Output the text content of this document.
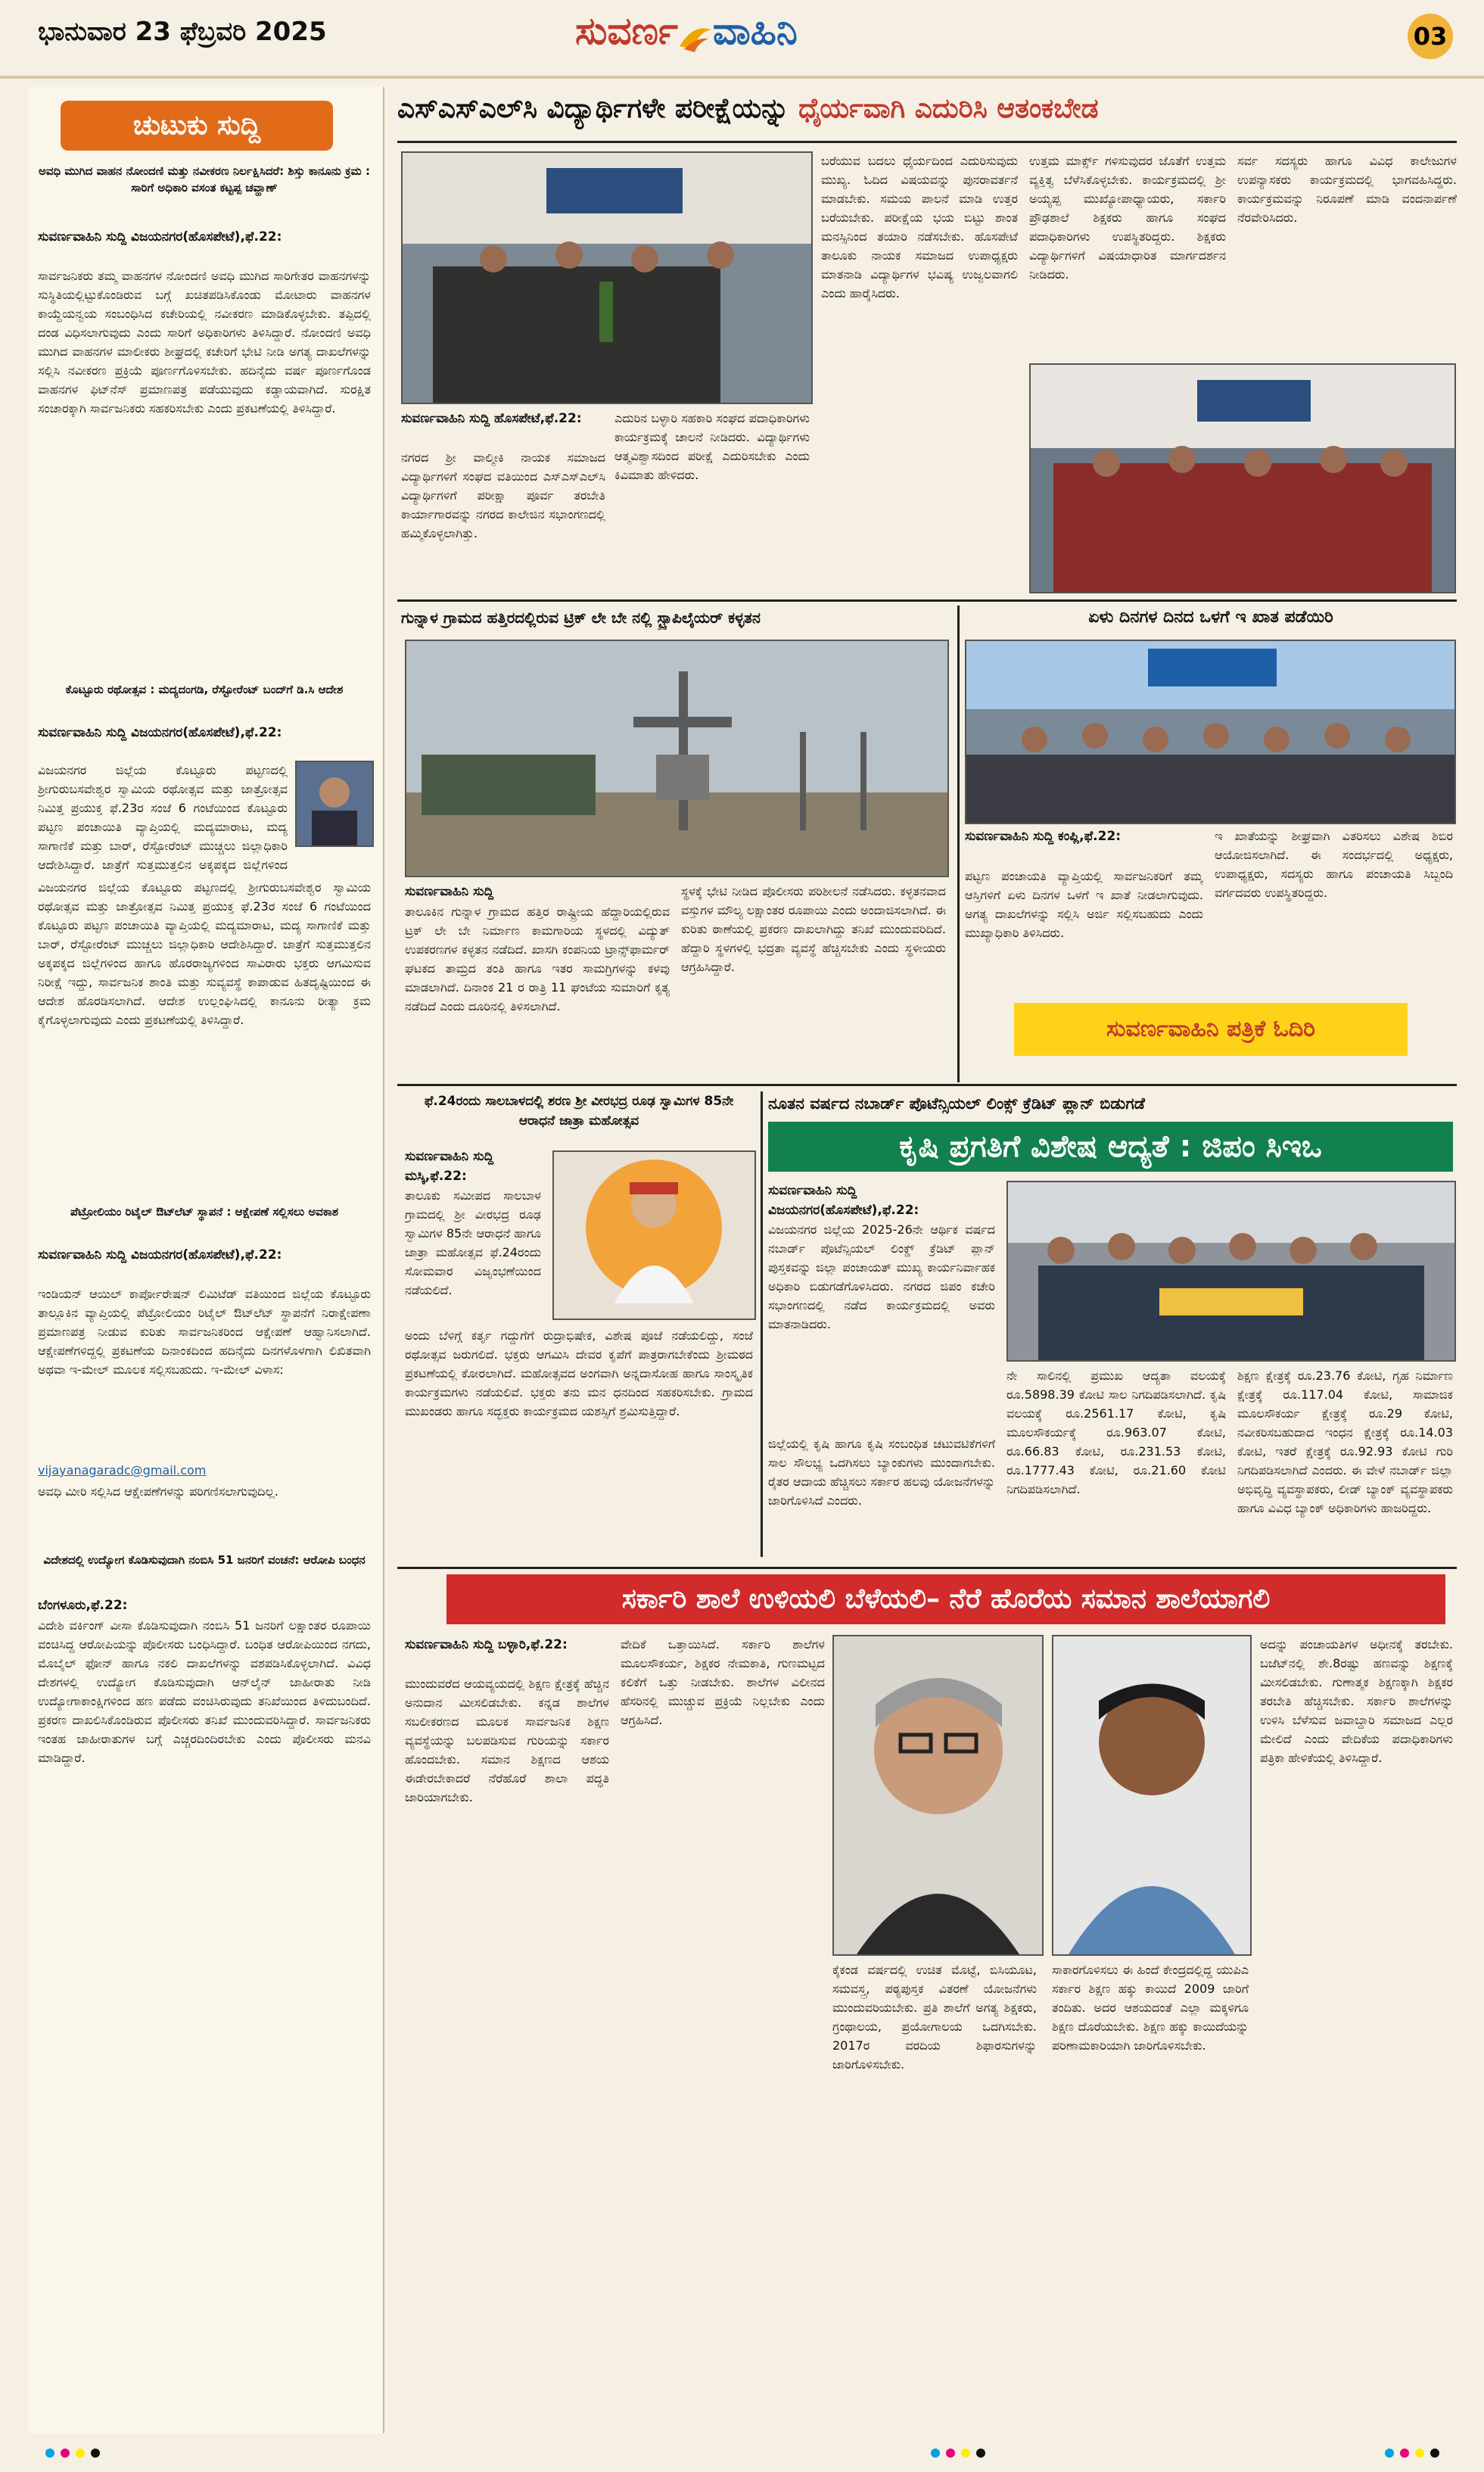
ಭಾನುವಾರ 23 ಫೆಬ್ರವರಿ 2025	ಸುವರ್ಣ ವಾಹಿನಿ	03
ಚುಟುಕು ಸುದ್ದಿ
ಅವಧಿ ಮುಗಿದ ವಾಹನ ನೋಂದಣಿ ಮತ್ತು ನವೀಕರಣ ನಿರ್ಲಕ್ಷಿಸಿದರೆ: ಶಿಸ್ತು ಕಾನೂನು ಕ್ರಮ : ಸಾರಿಗೆ ಅಧಿಕಾರಿ ವಸಂತ ಕಟ್ಟಪ್ಪ ಚವ್ಹಾಣ್
ಸುವರ್ಣವಾಹಿನಿ ಸುದ್ದಿ ವಿಜಯನಗರ(ಹೊಸಪೇಟೆ),ಫೆ.22:
ಸಾರ್ವಜನಿಕರು ತಮ್ಮ ವಾಹನಗಳ ನೋಂದಣಿ ಅವಧಿ ಮುಗಿದ ಸಾರಿಗೇತರ ವಾಹನಗಳನ್ನು ಸುಸ್ಥಿತಿಯಲ್ಲಿಟ್ಟುಕೊಂಡಿರುವ ಬಗ್ಗೆ ಖಚಿತಪಡಿಸಿಕೊಂಡು ಮೋಟಾರು ವಾಹನಗಳ ಕಾಯ್ದೆಯನ್ವಯ ಸಂಬಂಧಿಸಿದ ಕಚೇರಿಯಲ್ಲಿ ನವೀಕರಣ ಮಾಡಿಕೊಳ್ಳಬೇಕು. ತಪ್ಪಿದಲ್ಲಿ ದಂಡ ವಿಧಿಸಲಾಗುವುದು ಎಂದು ಸಾರಿಗೆ ಅಧಿಕಾರಿಗಳು ತಿಳಿಸಿದ್ದಾರೆ. ನೋಂದಣಿ ಅವಧಿ ಮುಗಿದ ವಾಹನಗಳ ಮಾಲೀಕರು ಶೀಘ್ರದಲ್ಲಿ ಕಚೇರಿಗೆ ಭೇಟಿ ನೀಡಿ ಅಗತ್ಯ ದಾಖಲೆಗಳನ್ನು ಸಲ್ಲಿಸಿ ನವೀಕರಣ ಪ್ರಕ್ರಿಯೆ ಪೂರ್ಣಗೊಳಿಸಬೇಕು. ಹದಿನೈದು ವರ್ಷ ಪೂರ್ಣಗೊಂಡ ವಾಹನಗಳ ಫಿಟ್‌ನೆಸ್ ಪ್ರಮಾಣಪತ್ರ ಪಡೆಯುವುದು ಕಡ್ಡಾಯವಾಗಿದೆ. ಸುರಕ್ಷಿತ ಸಂಚಾರಕ್ಕಾಗಿ ಸಾರ್ವಜನಿಕರು ಸಹಕರಿಸಬೇಕು ಎಂದು ಪ್ರಕಟಣೆಯಲ್ಲಿ ತಿಳಿಸಿದ್ದಾರೆ.
ಕೊಟ್ಟೂರು ರಥೋತ್ಸವ : ಮದ್ಯದಂಗಡಿ, ರೆಸ್ಟೋರೆಂಟ್ ಬಂದ್‍ಗೆ ಡಿ.ಸಿ ಆದೇಶ
ಸುವರ್ಣವಾಹಿನಿ ಸುದ್ದಿ ವಿಜಯನಗರ(ಹೊಸಪೇಟೆ),ಫೆ.22:
ವಿಜಯನಗರ ಜಿಲ್ಲೆಯ ಕೊಟ್ಟೂರು ಪಟ್ಟಣದಲ್ಲಿ ಶ್ರೀಗುರುಬಸವೇಶ್ವರ ಸ್ವಾಮಿಯ ರಥೋತ್ಸವ ಮತ್ತು ಜಾತ್ರೋತ್ಸವ ನಿಮಿತ್ತ ಪ್ರಯುಕ್ತ ಫೆ.23ರ ಸಂಜೆ 6 ಗಂಟೆಯಿಂದ ಕೊಟ್ಟೂರು ಪಟ್ಟಣ ಪಂಚಾಯಿತಿ ವ್ಯಾಪ್ತಿಯಲ್ಲಿ ಮದ್ಯಮಾರಾಟ, ಮದ್ಯ ಸಾಗಾಣಿಕೆ ಮತ್ತು ಬಾರ್, ರೆಸ್ಟೋರೆಂಟ್ ಮುಚ್ಚಲು ಜಿಲ್ಲಾಧಿಕಾರಿ ಆದೇಶಿಸಿದ್ದಾರೆ. ಜಾತ್ರೆಗೆ ಸುತ್ತಮುತ್ತಲಿನ ಅಕ್ಕಪಕ್ಕದ ಜಿಲ್ಲೆಗಳಿಂದ
ವಿಜಯನಗರ ಜಿಲ್ಲೆಯ ಕೊಟ್ಟೂರು ಪಟ್ಟಣದಲ್ಲಿ ಶ್ರೀಗುರುಬಸವೇಶ್ವರ ಸ್ವಾಮಿಯ ರಥೋತ್ಸವ ಮತ್ತು ಜಾತ್ರೋತ್ಸವ ನಿಮಿತ್ತ ಪ್ರಯುಕ್ತ ಫೆ.23ರ ಸಂಜೆ 6 ಗಂಟೆಯಿಂದ ಕೊಟ್ಟೂರು ಪಟ್ಟಣ ಪಂಚಾಯಿತಿ ವ್ಯಾಪ್ತಿಯಲ್ಲಿ ಮದ್ಯಮಾರಾಟ, ಮದ್ಯ ಸಾಗಾಣಿಕೆ ಮತ್ತು ಬಾರ್, ರೆಸ್ಟೋರೆಂಟ್ ಮುಚ್ಚಲು ಜಿಲ್ಲಾಧಿಕಾರಿ ಆದೇಶಿಸಿದ್ದಾರೆ. ಜಾತ್ರೆಗೆ ಸುತ್ತಮುತ್ತಲಿನ ಅಕ್ಕಪಕ್ಕದ ಜಿಲ್ಲೆಗಳಿಂದ ಹಾಗೂ ಹೊರರಾಜ್ಯಗಳಿಂದ ಸಾವಿರಾರು ಭಕ್ತರು ಆಗಮಿಸುವ ನಿರೀಕ್ಷೆ ಇದ್ದು, ಸಾರ್ವಜನಿಕ ಶಾಂತಿ ಮತ್ತು ಸುವ್ಯವಸ್ಥೆ ಕಾಪಾಡುವ ಹಿತದೃಷ್ಟಿಯಿಂದ ಈ ಆದೇಶ ಹೊರಡಿಸಲಾಗಿದೆ. ಆದೇಶ ಉಲ್ಲಂಘಿಸಿದಲ್ಲಿ ಕಾನೂನು ರೀತ್ಯಾ ಕ್ರಮ ಕೈಗೊಳ್ಳಲಾಗುವುದು ಎಂದು ಪ್ರಕಟಣೆಯಲ್ಲಿ ತಿಳಿಸಿದ್ದಾರೆ.
ಪೆಟ್ರೋಲಿಯಂ ರಿಟೈಲ್ ಔಟ್‍ಲೆಟ್ ಸ್ಥಾಪನೆ : ಆಕ್ಷೇಪಣೆ ಸಲ್ಲಿಸಲು ಅವಕಾಶ
ಸುವರ್ಣವಾಹಿನಿ ಸುದ್ದಿ ವಿಜಯನಗರ(ಹೊಸಪೇಟೆ),ಫೆ.22:
ಇಂಡಿಯನ್ ಆಯಿಲ್ ಕಾರ್ಪೋರೇಷನ್ ಲಿಮಿಟೆಡ್ ವತಿಯಿಂದ ಜಿಲ್ಲೆಯ ಕೊಟ್ಟೂರು ತಾಲ್ಲೂಕಿನ ವ್ಯಾಪ್ತಿಯಲ್ಲಿ ಪೆಟ್ರೋಲಿಯಂ ರಿಟೈಲ್ ಔಟ್‍ಲೆಟ್ ಸ್ಥಾಪನೆಗೆ ನಿರಾಕ್ಷೇಪಣಾ ಪ್ರಮಾಣಪತ್ರ ನೀಡುವ ಕುರಿತು ಸಾರ್ವಜನಿಕರಿಂದ ಆಕ್ಷೇಪಣೆ ಆಹ್ವಾನಿಸಲಾಗಿದೆ. ಆಕ್ಷೇಪಣೆಗಳಿದ್ದಲ್ಲಿ ಪ್ರಕಟಣೆಯ ದಿನಾಂಕದಿಂದ ಹದಿನೈದು ದಿನಗಳೊಳಗಾಗಿ ಲಿಖಿತವಾಗಿ ಅಥವಾ ಇ-ಮೇಲ್ ಮೂಲಕ ಸಲ್ಲಿಸಬಹುದು. ಇ-ಮೇಲ್ ವಿಳಾಸ:
vijayanagaradc@gmail.com
ಅವಧಿ ಮೀರಿ ಸಲ್ಲಿಸಿದ ಆಕ್ಷೇಪಣೆಗಳನ್ನು ಪರಿಗಣಿಸಲಾಗುವುದಿಲ್ಲ.
ವಿದೇಶದಲ್ಲಿ ಉದ್ಯೋಗ ಕೊಡಿಸುವುದಾಗಿ ನಂಬಿಸಿ 51 ಜನರಿಗೆ ವಂಚನೆ: ಆರೋಪಿ ಬಂಧನ
ಬೆಂಗಳೂರು,ಫೆ.22:
ವಿದೇಶಿ ವರ್ಕಿಂಗ್ ವೀಸಾ ಕೊಡಿಸುವುದಾಗಿ ನಂಬಿಸಿ 51 ಜನರಿಗೆ ಲಕ್ಷಾಂತರ ರೂಪಾಯಿ ವಂಚಿಸಿದ್ದ ಆರೋಪಿಯನ್ನು ಪೊಲೀಸರು ಬಂಧಿಸಿದ್ದಾರೆ. ಬಂಧಿತ ಆರೋಪಿಯಿಂದ ನಗದು, ಮೊಬೈಲ್ ಫೋನ್ ಹಾಗೂ ನಕಲಿ ದಾಖಲೆಗಳನ್ನು ವಶಪಡಿಸಿಕೊಳ್ಳಲಾಗಿದೆ. ವಿವಿಧ ದೇಶಗಳಲ್ಲಿ ಉದ್ಯೋಗ ಕೊಡಿಸುವುದಾಗಿ ಆನ್‌ಲೈನ್ ಜಾಹೀರಾತು ನೀಡಿ ಉದ್ಯೋಗಾಕಾಂಕ್ಷಿಗಳಿಂದ ಹಣ ಪಡೆದು ವಂಚಿಸಿರುವುದು ತನಿಖೆಯಿಂದ ತಿಳಿದುಬಂದಿದೆ. ಪ್ರಕರಣ ದಾಖಲಿಸಿಕೊಂಡಿರುವ ಪೊಲೀಸರು ತನಿಖೆ ಮುಂದುವರಿಸಿದ್ದಾರೆ. ಸಾರ್ವಜನಿಕರು ಇಂತಹ ಜಾಹೀರಾತುಗಳ ಬಗ್ಗೆ ಎಚ್ಚರದಿಂದಿರಬೇಕು ಎಂದು ಪೊಲೀಸರು ಮನವಿ ಮಾಡಿದ್ದಾರೆ.
ಎಸ್‌ಎಸ್‌ಎಲ್‌ಸಿ ವಿದ್ಯಾರ್ಥಿಗಳೇ ಪರೀಕ್ಷೆಯನ್ನು ಧೈರ್ಯವಾಗಿ ಎದುರಿಸಿ ಆತಂಕಬೇಡ
ಸುವರ್ಣವಾಹಿನಿ ಸುದ್ದಿ ಹೊಸಪೇಟೆ,ಫೆ.22:
ನಗರದ ಶ್ರೀ ವಾಲ್ಮೀಕಿ ನಾಯಕ ಸಮಾಜದ ವಿದ್ಯಾರ್ಥಿಗಳಿಗೆ ಸಂಘದ ವತಿಯಿಂದ ಎಸ್‌ಎಸ್‌ಎಲ್‌ಸಿ ವಿದ್ಯಾರ್ಥಿಗಳಿಗೆ ಪರೀಕ್ಷಾ ಪೂರ್ವ ತರಬೇತಿ ಕಾರ್ಯಾಗಾರವನ್ನು ನಗರದ ಕಾಲೇಜಿನ ಸಭಾಂಗಣದಲ್ಲಿ ಹಮ್ಮಿಕೊಳ್ಳಲಾಗಿತ್ತು.
ಎದುರಿನ ಬಳ್ಳಾರಿ ಸಹಕಾರಿ ಸಂಘದ ಪದಾಧಿಕಾರಿಗಳು ಕಾರ್ಯಕ್ರಮಕ್ಕೆ ಚಾಲನೆ ನೀಡಿದರು. ವಿದ್ಯಾರ್ಥಿಗಳು ಆತ್ಮವಿಶ್ವಾಸದಿಂದ ಪರೀಕ್ಷೆ ಎದುರಿಸಬೇಕು ಎಂದು ಕಿವಿಮಾತು ಹೇಳಿದರು.
ಬರೆಯುವ ಬದಲು ಧೈರ್ಯದಿಂದ ಎದುರಿಸುವುದು ಮುಖ್ಯ. ಓದಿದ ವಿಷಯವನ್ನು ಪುನರಾವರ್ತನೆ ಮಾಡಬೇಕು. ಸಮಯ ಪಾಲನೆ ಮಾಡಿ ಉತ್ತರ ಬರೆಯಬೇಕು. ಪರೀಕ್ಷೆಯ ಭಯ ಬಿಟ್ಟು ಶಾಂತ ಮನಸ್ಸಿನಿಂದ ತಯಾರಿ ನಡೆಸಬೇಕು. ಹೊಸಪೇಟೆ ತಾಲೂಕು ನಾಯಕ ಸಮಾಜದ ಉಪಾಧ್ಯಕ್ಷರು ಮಾತನಾಡಿ ವಿದ್ಯಾರ್ಥಿಗಳ ಭವಿಷ್ಯ ಉಜ್ವಲವಾಗಲಿ ಎಂದು ಹಾರೈಸಿದರು.
ಉತ್ತಮ ಮಾರ್ಕ್ಸ್ ಗಳಿಸುವುದರ ಜೊತೆಗೆ ಉತ್ತಮ ವ್ಯಕ್ತಿತ್ವ ಬೆಳೆಸಿಕೊಳ್ಳಬೇಕು. ಕಾರ್ಯಕ್ರಮದಲ್ಲಿ ಶ್ರೀ ಅಯ್ಯಪ್ಪ ಮುಖ್ಯೋಪಾಧ್ಯಾಯರು, ಸರ್ಕಾರಿ ಪ್ರೌಢಶಾಲೆ ಶಿಕ್ಷಕರು ಹಾಗೂ ಸಂಘದ ಪದಾಧಿಕಾರಿಗಳು ಉಪಸ್ಥಿತರಿದ್ದರು. ಶಿಕ್ಷಕರು ವಿದ್ಯಾರ್ಥಿಗಳಿಗೆ ವಿಷಯಾಧಾರಿತ ಮಾರ್ಗದರ್ಶನ ನೀಡಿದರು.
ಸರ್ವ ಸದಸ್ಯರು ಹಾಗೂ ವಿವಿಧ ಕಾಲೇಜುಗಳ ಉಪನ್ಯಾಸಕರು ಕಾರ್ಯಕ್ರಮದಲ್ಲಿ ಭಾಗವಹಿಸಿದ್ದರು. ಕಾರ್ಯಕ್ರಮವನ್ನು ನಿರೂಪಣೆ ಮಾಡಿ ವಂದನಾರ್ಪಣೆ ನೆರವೇರಿಸಿದರು.
ಗುನ್ನಾಳ ಗ್ರಾಮದ ಹತ್ತಿರದಲ್ಲಿರುವ ಟ್ರಿಕ್ ಲೇ ಬೇ ನಲ್ಲಿ ಸ್ಟ್ರಾಪಿಲೈಯರ್ ಕಳ್ಳತನ
ಸುವರ್ಣವಾಹಿನಿ ಸುದ್ದಿ
ತಾಲೂಕಿನ ಗುನ್ನಾಳ ಗ್ರಾಮದ ಹತ್ತಿರ ರಾಷ್ಟ್ರೀಯ ಹೆದ್ದಾರಿಯಲ್ಲಿರುವ ಟ್ರಕ್ ಲೇ ಬೇ ನಿರ್ಮಾಣ ಕಾಮಗಾರಿಯ ಸ್ಥಳದಲ್ಲಿ ವಿದ್ಯುತ್ ಉಪಕರಣಗಳ ಕಳ್ಳತನ ನಡೆದಿದೆ. ಖಾಸಗಿ ಕಂಪನಿಯ ಟ್ರಾನ್ಸ್‌ಫಾರ್ಮರ್ ಘಟಕದ ತಾಮ್ರದ ತಂತಿ ಹಾಗೂ ಇತರ ಸಾಮಗ್ರಿಗಳನ್ನು ಕಳವು ಮಾಡಲಾಗಿದೆ. ದಿನಾಂಕ 21 ರ ರಾತ್ರಿ 11 ಘಂಟೆಯ ಸುಮಾರಿಗೆ ಕೃತ್ಯ ನಡೆದಿದೆ ಎಂದು ದೂರಿನಲ್ಲಿ ತಿಳಿಸಲಾಗಿದೆ.
ಸ್ಥಳಕ್ಕೆ ಭೇಟಿ ನೀಡಿದ ಪೊಲೀಸರು ಪರಿಶೀಲನೆ ನಡೆಸಿದರು. ಕಳ್ಳತನವಾದ ವಸ್ತುಗಳ ಮೌಲ್ಯ ಲಕ್ಷಾಂತರ ರೂಪಾಯಿ ಎಂದು ಅಂದಾಜಿಸಲಾಗಿದೆ. ಈ ಕುರಿತು ಠಾಣೆಯಲ್ಲಿ ಪ್ರಕರಣ ದಾಖಲಾಗಿದ್ದು ತನಿಖೆ ಮುಂದುವರಿದಿದೆ. ಹೆದ್ದಾರಿ ಸ್ಥಳಗಳಲ್ಲಿ ಭದ್ರತಾ ವ್ಯವಸ್ಥೆ ಹೆಚ್ಚಿಸಬೇಕು ಎಂದು ಸ್ಥಳೀಯರು ಆಗ್ರಹಿಸಿದ್ದಾರೆ.
ಏಳು ದಿನಗಳ ದಿನದ ಒಳಗೆ ಇ ಖಾತ ಪಡೆಯಿರಿ
ಸುವರ್ಣವಾಹಿನಿ ಸುದ್ದಿ ಕಂಪ್ಲಿ,ಫೆ.22:
ಪಟ್ಟಣ ಪಂಚಾಯತಿ ವ್ಯಾಪ್ತಿಯಲ್ಲಿ ಸಾರ್ವಜನಿಕರಿಗೆ ತಮ್ಮ ಆಸ್ತಿಗಳಿಗೆ ಏಳು ದಿನಗಳ ಒಳಗೆ ಇ ಖಾತೆ ನೀಡಲಾಗುವುದು. ಅಗತ್ಯ ದಾಖಲೆಗಳನ್ನು ಸಲ್ಲಿಸಿ ಅರ್ಜಿ ಸಲ್ಲಿಸಬಹುದು ಎಂದು ಮುಖ್ಯಾಧಿಕಾರಿ ತಿಳಿಸಿದರು.
ಇ ಖಾತೆಯನ್ನು ಶೀಘ್ರವಾಗಿ ವಿತರಿಸಲು ವಿಶೇಷ ಶಿಬಿರ ಆಯೋಜಿಸಲಾಗಿದೆ. ಈ ಸಂದರ್ಭದಲ್ಲಿ ಅಧ್ಯಕ್ಷರು, ಉಪಾಧ್ಯಕ್ಷರು, ಸದಸ್ಯರು ಹಾಗೂ ಪಂಚಾಯತಿ ಸಿಬ್ಬಂದಿ ವರ್ಗದವರು ಉಪಸ್ಥಿತರಿದ್ದರು.
ಸುವರ್ಣವಾಹಿನಿ ಪತ್ರಿಕೆ ಓದಿರಿ
ಫೆ.24ರಂದು ಸಾಲಬಾಳದಲ್ಲಿ ಶರಣ ಶ್ರೀ ವೀರಭದ್ರ ರೂಢ ಸ್ವಾಮಿಗಳ 85ನೇ ಆರಾಧನೆ ಜಾತ್ರಾ ಮಹೋತ್ಸವ
ಸುವರ್ಣವಾಹಿನಿ ಸುದ್ದಿ ಮಸ್ಕಿ,ಫೆ.22:
ತಾಲೂಕು ಸಮೀಪದ ಸಾಲಬಾಳ ಗ್ರಾಮದಲ್ಲಿ ಶ್ರೀ ವೀರಭದ್ರ ರೂಢ ಸ್ವಾಮಿಗಳ 85ನೇ ಆರಾಧನೆ ಹಾಗೂ ಜಾತ್ರಾ ಮಹೋತ್ಸವ ಫೆ.24ರಂದು ಸೋಮವಾರ ವಿಜೃಂಭಣೆಯಿಂದ ನಡೆಯಲಿದೆ.
ಅಂದು ಬೆಳಿಗ್ಗೆ ಕರ್ತೃ ಗದ್ದುಗೆಗೆ ರುದ್ರಾಭಿಷೇಕ, ವಿಶೇಷ ಪೂಜೆ ನಡೆಯಲಿದ್ದು, ಸಂಜೆ ರಥೋತ್ಸವ ಜರುಗಲಿದೆ. ಭಕ್ತರು ಆಗಮಿಸಿ ದೇವರ ಕೃಪೆಗೆ ಪಾತ್ರರಾಗಬೇಕೆಂದು ಶ್ರೀಮಠದ ಪ್ರಕಟಣೆಯಲ್ಲಿ ಕೋರಲಾಗಿದೆ. ಮಹೋತ್ಸವದ ಅಂಗವಾಗಿ ಅನ್ನದಾಸೋಹ ಹಾಗೂ ಸಾಂಸ್ಕೃತಿಕ ಕಾರ್ಯಕ್ರಮಗಳು ನಡೆಯಲಿವೆ. ಭಕ್ತರು ತನು ಮನ ಧನದಿಂದ ಸಹಕರಿಸಬೇಕು. ಗ್ರಾಮದ ಮುಖಂಡರು ಹಾಗೂ ಸದ್ಭಕ್ತರು ಕಾರ್ಯಕ್ರಮದ ಯಶಸ್ಸಿಗೆ ಶ್ರಮಿಸುತ್ತಿದ್ದಾರೆ.
ನೂತನ ವರ್ಷದ ನಬಾರ್ಡ್ ಪೊಟೆನ್ಸಿಯಲ್ ಲಿಂಕ್ಸ್ ಕ್ರೆಡಿಟ್ ಪ್ಲಾನ್ ಬಿಡುಗಡೆ
ಕೃಷಿ ಪ್ರಗತಿಗೆ ವಿಶೇಷ ಆದ್ಯತೆ : ಜಿಪಂ ಸಿಇಒ
ಸುವರ್ಣವಾಹಿನಿ ಸುದ್ದಿ ವಿಜಯನಗರ(ಹೊಸಪೇಟೆ),ಫೆ.22:
ವಿಜಯನಗರ ಜಿಲ್ಲೆಯ 2025-26ನೇ ಆರ್ಥಿಕ ವರ್ಷದ ನಬಾರ್ಡ್ ಪೊಟೆನ್ಸಿಯಲ್ ಲಿಂಕ್ಡ್ ಕ್ರೆಡಿಟ್ ಪ್ಲಾನ್ ಪುಸ್ತಕವನ್ನು ಜಿಲ್ಲಾ ಪಂಚಾಯತ್ ಮುಖ್ಯ ಕಾರ್ಯನಿರ್ವಾಹಕ ಅಧಿಕಾರಿ ಬಿಡುಗಡೆಗೊಳಿಸಿದರು. ನಗರದ ಜಿಪಂ ಕಚೇರಿ ಸಭಾಂಗಣದಲ್ಲಿ ನಡೆದ ಕಾರ್ಯಕ್ರಮದಲ್ಲಿ ಅವರು ಮಾತನಾಡಿದರು.
ಜಿಲ್ಲೆಯಲ್ಲಿ ಕೃಷಿ ಹಾಗೂ ಕೃಷಿ ಸಂಬಂಧಿತ ಚಟುವಟಿಕೆಗಳಿಗೆ ಸಾಲ ಸೌಲಭ್ಯ ಒದಗಿಸಲು ಬ್ಯಾಂಕುಗಳು ಮುಂದಾಗಬೇಕು. ರೈತರ ಆದಾಯ ಹೆಚ್ಚಿಸಲು ಸರ್ಕಾರ ಹಲವು ಯೋಜನೆಗಳನ್ನು ಜಾರಿಗೊಳಿಸಿದೆ ಎಂದರು.
ನೇ ಸಾಲಿನಲ್ಲಿ ಪ್ರಮುಖ ಆದ್ಯತಾ ವಲಯಕ್ಕೆ ರೂ.5898.39 ಕೋಟಿ ಸಾಲ ನಿಗದಿಪಡಿಸಲಾಗಿದೆ. ಕೃಷಿ ವಲಯಕ್ಕೆ ರೂ.2561.17 ಕೋಟಿ, ಕೃಷಿ ಮೂಲಸೌಕರ್ಯಕ್ಕೆ ರೂ.963.07 ಕೋಟಿ, ರೂ.66.83 ಕೋಟಿ, ರೂ.231.53 ಕೋಟಿ, ರೂ.1777.43 ಕೋಟಿ, ರೂ.21.60 ಕೋಟಿ ನಿಗದಿಪಡಿಸಲಾಗಿದೆ.
ಶಿಕ್ಷಣ ಕ್ಷೇತ್ರಕ್ಕೆ ರೂ.23.76 ಕೋಟಿ, ಗೃಹ ನಿರ್ಮಾಣ ಕ್ಷೇತ್ರಕ್ಕೆ ರೂ.117.04 ಕೋಟಿ, ಸಾಮಾಜಿಕ ಮೂಲಸೌಕರ್ಯ ಕ್ಷೇತ್ರಕ್ಕೆ ರೂ.29 ಕೋಟಿ, ನವೀಕರಿಸಬಹುದಾದ ಇಂಧನ ಕ್ಷೇತ್ರಕ್ಕೆ ರೂ.14.03 ಕೋಟಿ, ಇತರೆ ಕ್ಷೇತ್ರಕ್ಕೆ ರೂ.92.93 ಕೋಟಿ ಗುರಿ ನಿಗದಿಪಡಿಸಲಾಗಿದೆ ಎಂದರು. ಈ ವೇಳೆ ನಬಾರ್ಡ್ ಜಿಲ್ಲಾ ಅಭಿವೃದ್ಧಿ ವ್ಯವಸ್ಥಾಪಕರು, ಲೀಡ್ ಬ್ಯಾಂಕ್ ವ್ಯವಸ್ಥಾಪಕರು ಹಾಗೂ ವಿವಿಧ ಬ್ಯಾಂಕ್ ಅಧಿಕಾರಿಗಳು ಹಾಜರಿದ್ದರು.
ಸರ್ಕಾರಿ ಶಾಲೆ ಉಳಿಯಲಿ ಬೆಳೆಯಲಿ– ನೆರೆ ಹೊರೆಯ ಸಮಾನ ಶಾಲೆಯಾಗಲಿ
ಸುವರ್ಣವಾಹಿನಿ ಸುದ್ದಿ ಬಳ್ಳಾರಿ,ಫೆ.22:
ಮುಂದುವರೆದ ಆಯವ್ಯಯದಲ್ಲಿ ಶಿಕ್ಷಣ ಕ್ಷೇತ್ರಕ್ಕೆ ಹೆಚ್ಚಿನ ಅನುದಾನ ಮೀಸಲಿಡಬೇಕು. ಕನ್ನಡ ಶಾಲೆಗಳ ಸಬಲೀಕರಣದ ಮೂಲಕ ಸಾರ್ವಜನಿಕ ಶಿಕ್ಷಣ ವ್ಯವಸ್ಥೆಯನ್ನು ಬಲಪಡಿಸುವ ಗುರಿಯನ್ನು ಸರ್ಕಾರ ಹೊಂದಬೇಕು. ಸಮಾನ ಶಿಕ್ಷಣದ ಆಶಯ ಈಡೇರಬೇಕಾದರೆ ನೆರೆಹೊರೆ ಶಾಲಾ ಪದ್ಧತಿ ಜಾರಿಯಾಗಬೇಕು.
ವೇದಿಕೆ ಒತ್ತಾಯಿಸಿದೆ. ಸರ್ಕಾರಿ ಶಾಲೆಗಳ ಮೂಲಸೌಕರ್ಯ, ಶಿಕ್ಷಕರ ನೇಮಕಾತಿ, ಗುಣಮಟ್ಟದ ಕಲಿಕೆಗೆ ಒತ್ತು ನೀಡಬೇಕು. ಶಾಲೆಗಳ ವಿಲೀನದ ಹೆಸರಿನಲ್ಲಿ ಮುಚ್ಚುವ ಪ್ರಕ್ರಿಯೆ ನಿಲ್ಲಬೇಕು ಎಂದು ಆಗ್ರಹಿಸಿದೆ.
ಕೈಕಂಡ ವರ್ಷದಲ್ಲಿ ಉಚಿತ ಮೊಟ್ಟೆ, ಬಿಸಿಯೂಟ, ಸಮವಸ್ತ್ರ, ಪಠ್ಯಪುಸ್ತಕ ವಿತರಣೆ ಯೋಜನೆಗಳು ಮುಂದುವರಿಯಬೇಕು. ಪ್ರತಿ ಶಾಲೆಗೆ ಅಗತ್ಯ ಶಿಕ್ಷಕರು, ಗ್ರಂಥಾಲಯ, ಪ್ರಯೋಗಾಲಯ ಒದಗಿಸಬೇಕು. 2017ರ ವರದಿಯ ಶಿಫಾರಸುಗಳನ್ನು ಜಾರಿಗೊಳಿಸಬೇಕು.
ಸಾಕಾರಗೊಳಿಸಲು ಈ ಹಿಂದೆ ಕೇಂದ್ರದಲ್ಲಿದ್ದ ಯುಪಿಎ ಸರ್ಕಾರ ಶಿಕ್ಷಣ ಹಕ್ಕು ಕಾಯಿದೆ 2009 ಜಾರಿಗೆ ತಂದಿತು. ಅದರ ಆಶಯದಂತೆ ಎಲ್ಲಾ ಮಕ್ಕಳಿಗೂ ಶಿಕ್ಷಣ ದೊರೆಯಬೇಕು. ಶಿಕ್ಷಣ ಹಕ್ಕು ಕಾಯಿದೆಯನ್ನು ಪರಿಣಾಮಕಾರಿಯಾಗಿ ಜಾರಿಗೊಳಿಸಬೇಕು.
ಅದನ್ನು ಪಂಚಾಯತಿಗಳ ಅಧೀನಕ್ಕೆ ತರಬೇಕು. ಬಜೆಟ್‌ನಲ್ಲಿ ಶೇ.8ರಷ್ಟು ಹಣವನ್ನು ಶಿಕ್ಷಣಕ್ಕೆ ಮೀಸಲಿಡಬೇಕು. ಗುಣಾತ್ಮಕ ಶಿಕ್ಷಣಕ್ಕಾಗಿ ಶಿಕ್ಷಕರ ತರಬೇತಿ ಹೆಚ್ಚಿಸಬೇಕು. ಸರ್ಕಾರಿ ಶಾಲೆಗಳನ್ನು ಉಳಿಸಿ ಬೆಳೆಸುವ ಜವಾಬ್ದಾರಿ ಸಮಾಜದ ಎಲ್ಲರ ಮೇಲಿದೆ ಎಂದು ವೇದಿಕೆಯ ಪದಾಧಿಕಾರಿಗಳು ಪತ್ರಿಕಾ ಹೇಳಿಕೆಯಲ್ಲಿ ತಿಳಿಸಿದ್ದಾರೆ.
